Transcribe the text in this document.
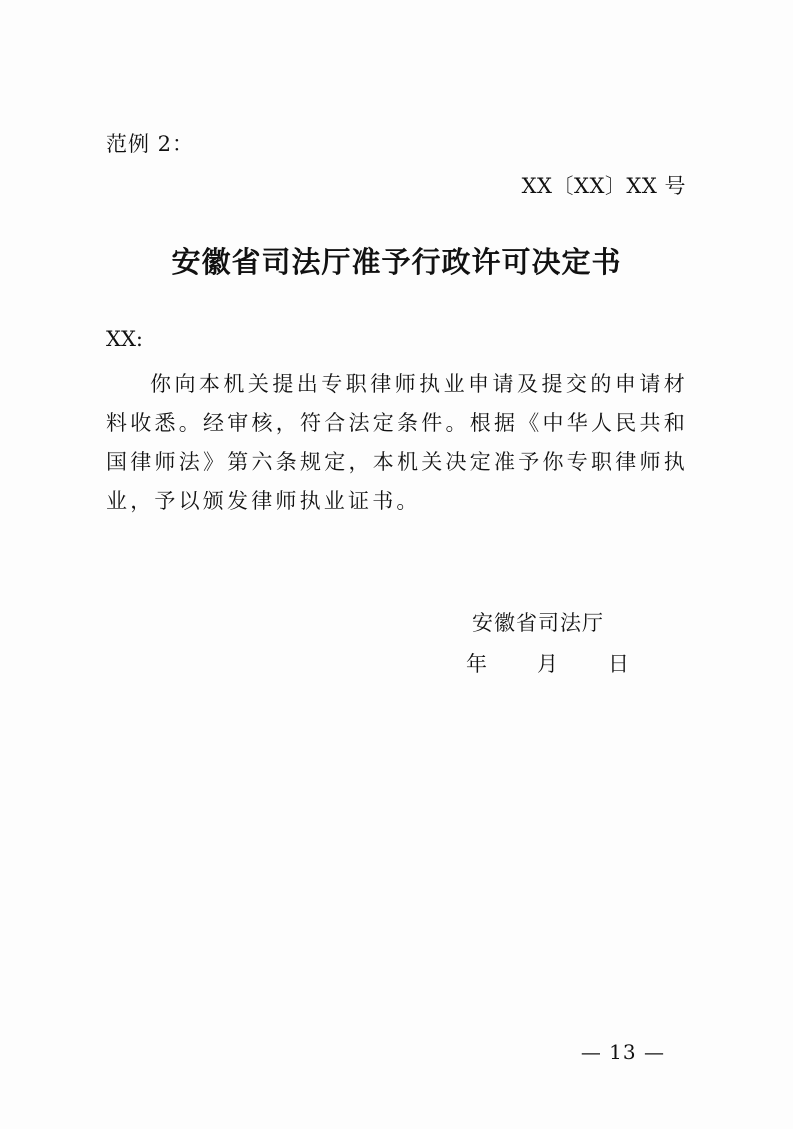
范例 2：
XX〔XX〕XX 号
安徽省司法厅准予行政许可决定书
XX:

你向本机关提出专职律师执业申请及提交的申请材料收悉。经审核，符合法定条件。根据《中华人民共和国律师法》第六条规定，本机关决定准予你专职律师执业，予以颁发律师执业证书。

安徽省司法厅
年 月 日
— 13 —
